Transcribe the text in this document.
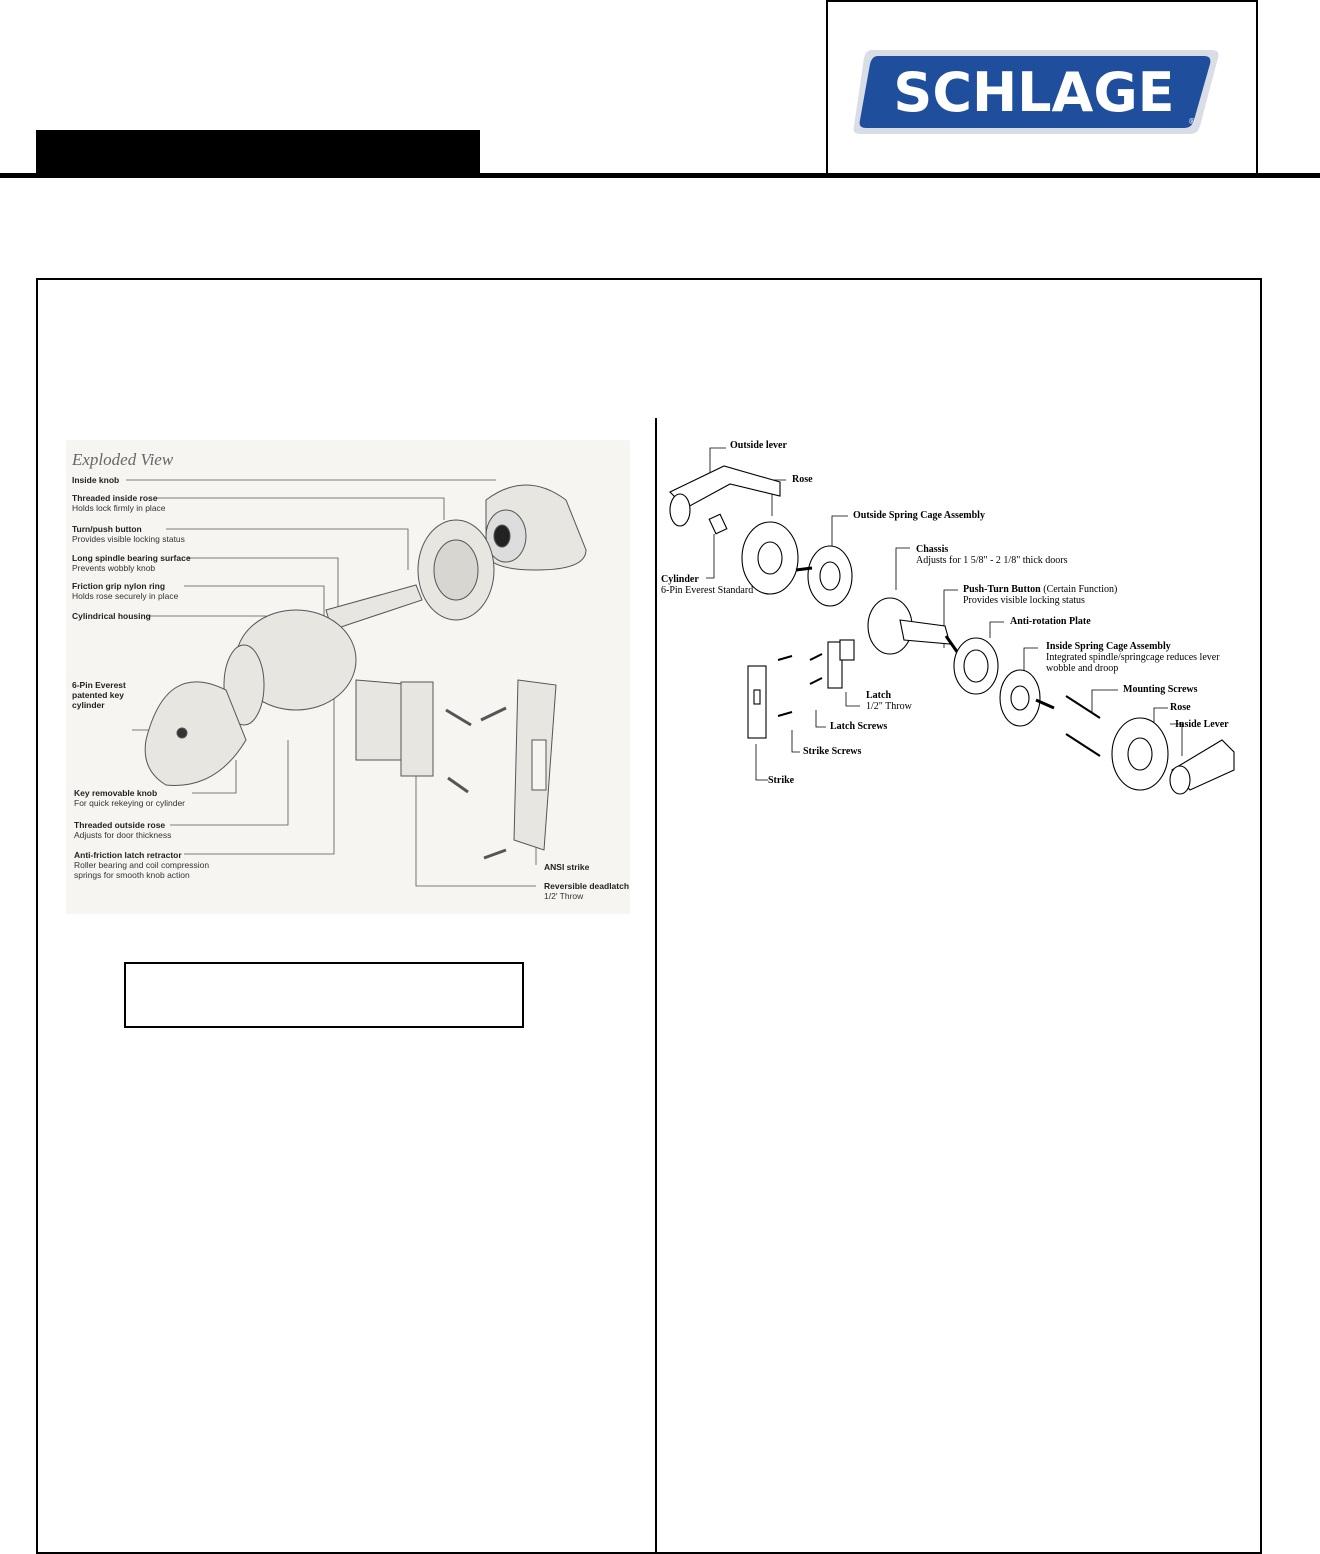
SCHLAGE ®
Exploded View
Inside knob
Threaded inside rose
Holds lock firmly in place
Turn/push button
Provides visible locking status
Long spindle bearing surface
Prevents wobbly knob
Friction grip nylon ring
Holds rose securely in place
Cylindrical housing
6-Pin Everest patented key cylinder
Key removable knob
For quick rekeying or cylinder
Threaded outside rose
Adjusts for door thickness
Anti-friction latch retractor
Roller bearing and coil compression springs for smooth knob action
ANSI strike
Reversible deadlatch
1/2' Throw
Outside lever
Rose
Outside Spring Cage Assembly
Chassis
Adjusts for 1 5/8" - 2 1/8" thick doors
Cylinder
6-Pin Everest Standard	Push-Turn Button (Certain Function)
Provides visible locking status
Anti-rotation Plate
Inside Spring Cage Assembly
Integrated spindle/springcage reduces lever wobble and droop
Mounting Screws
Latch
1/2" Throw
Latch Screws
Strike Screws
Rose
Inside Lever
Strike
